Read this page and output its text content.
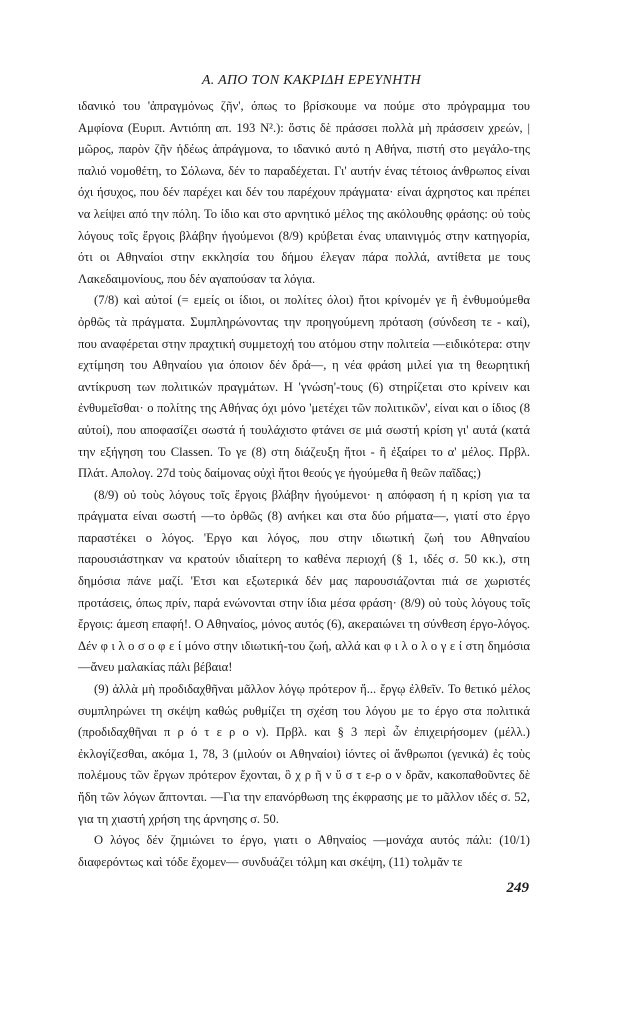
Α. ΑΠΟ ΤΟΝ ΚΑΚΡΙΔΗ ΕΡΕΥΝΗΤΗ

ιδανικό του 'ἀπραγμόνως ζῆν', όπως το βρίσκουμε να πούμε στο πρόγραμμα του Αμφίονα (Ευριπ. Αντιόπη απ. 193 N².): ὅστις δὲ πράσσει πολλὰ μὴ πράσσειν χρεών, | μῶρος, παρὸν ζῆν ἡδέως ἀπράγμονα, το ιδανικό αυτό η Αθήνα, πιστή στο μεγάλο-της παλιό νομοθέτη, το Σόλωνα, δέν το παραδέχεται. Γι' αυτήν ένας τέτοιος άνθρωπος είναι όχι ήσυχος, που δέν παρέχει και δέν του παρέχουν πράγματα· είναι άχρηστος και πρέπει να λείψει από την πόλη. Το ίδιο και στο αρνητικό μέλος της ακόλουθης φράσης: οὐ τοὺς λόγους τοῖς ἔργοις βλάβην ἡγούμενοι (8/9) κρύβεται ένας υπαινιγμός στην κατηγορία, ότι οι Αθηναίοι στην εκκλησία του δήμου έλεγαν πάρα πολλά, αντίθετα με τους Λακεδαιμονίους, που δέν αγαπούσαν τα λόγια.

(7/8) καὶ αὐτοί (= εμείς οι ίδιοι, οι πολίτες όλοι) ἤτοι κρίνομέν γε ἢ ἐνθυμούμεθα ὀρθῶς τὰ πράγματα. Συμπληρώνοντας την προηγούμενη πρόταση (σύνδεση τε - καί), που αναφέρεται στην πραχτική συμμετοχή του ατόμου στην πολιτεία —ειδικότερα: στην εχτίμηση του Αθηναίου για όποιον δέν δρά—, η νέα φράση μιλεί για τη θεωρητική αντίκρυση των πολιτικών πραγμάτων. Η 'γνώση'-τους (6) στηρίζεται στο κρίνειν και ἐνθυμεῖσθαι· ο πολίτης της Αθήνας όχι μόνο 'μετέχει τῶν πολιτικῶν', είναι και ο ίδιος (8 αὐτοί), που αποφασίζει σωστά ή τουλάχιστο φτάνει σε μιά σωστή κρίση γι' αυτά (κατά την εξήγηση του Classen. Το γε (8) στη διάζευξη ἤτοι - ἢ ἐξαίρει το α' μέλος. Πρβλ. Πλάτ. Απολογ. 27d τοὺς δαίμονας οὐχὶ ἤτοι θεούς γε ἡγούμεθα ἢ θεῶν παῖδας;)

(8/9) οὐ τοὺς λόγους τοῖς ἔργοις βλάβην ἡγούμενοι· η απόφαση ή η κρίση για τα πράγματα είναι σωστή —το ὀρθῶς (8) ανήκει και στα δύο ρήματα—, γιατί στο έργο παραστέκει ο λόγος. 'Εργο και λόγος, που στην ιδιωτική ζωή του Αθηναίου παρουσιάστηκαν να κρατούν ιδιαίτερη το καθένα περιοχή (§ 1, ιδές σ. 50 κκ.), στη δημόσια πάνε μαζί. 'Ετσι και εξωτερικά δέν μας παρουσιάζονται πιά σε χωριστές προτάσεις, όπως πρίν, παρά ενώνονται στην ίδια μέσα φράση· (8/9) οὐ τοὺς λόγους τοῖς ἔργοις: άμεση επαφή!. Ο Αθηναίος, μόνος αυτός (6), ακεραιώνει τη σύνθεση έργο-λόγος. Δέν φ ι λ ο σ ο φ ε ί μόνο στην ιδιωτική-του ζωή, αλλά και φ ι λ ο λ ο γ ε ί στη δημόσια —ἄνευ μαλακίας πάλι βέβαια!

(9) ἀλλὰ μὴ προδιδαχθῆναι μᾶλλον λόγῳ πρότερον ἤ... ἔργῳ ἐλθεῖν. Το θετικό μέλος συμπληρώνει τη σκέψη καθώς ρυθμίζει τη σχέση του λόγου με το έργο στα πολιτικά (προδιδαχθῆναι π ρ ό τ ε ρ ο ν). Πρβλ. και § 3 περὶ ὧν ἐπιχειρήσομεν (μέλλ.) ἐκλογίζεσθαι, ακόμα 1, 78, 3 (μιλούν οι Αθηναίοι) ἰόντες οἱ ἄνθρωποι (γενικά) ἐς τοὺς πολέμους τῶν ἔργων πρότερον ἔχονται, ὃ χ ρ ῆ ν ὕ σ τ ε-ρ ο ν δρᾶν, κακοπαθοῦντες δὲ ἤδη τῶν λόγων ἅπτονται. —Για την επανόρθωση της έκφρασης με το μᾶλλον ιδές σ. 52, για τη χιαστή χρήση της άρνησης σ. 50.

Ο λόγος δέν ζημιώνει το έργο, γιατι ο Αθηναίος —μονάχα αυτός πάλι: (10/1) διαφερόντως καὶ τόδε ἔχομεν— συνδυάζει τόλμη και σκέψη, (11) τολμᾶν τε

249
